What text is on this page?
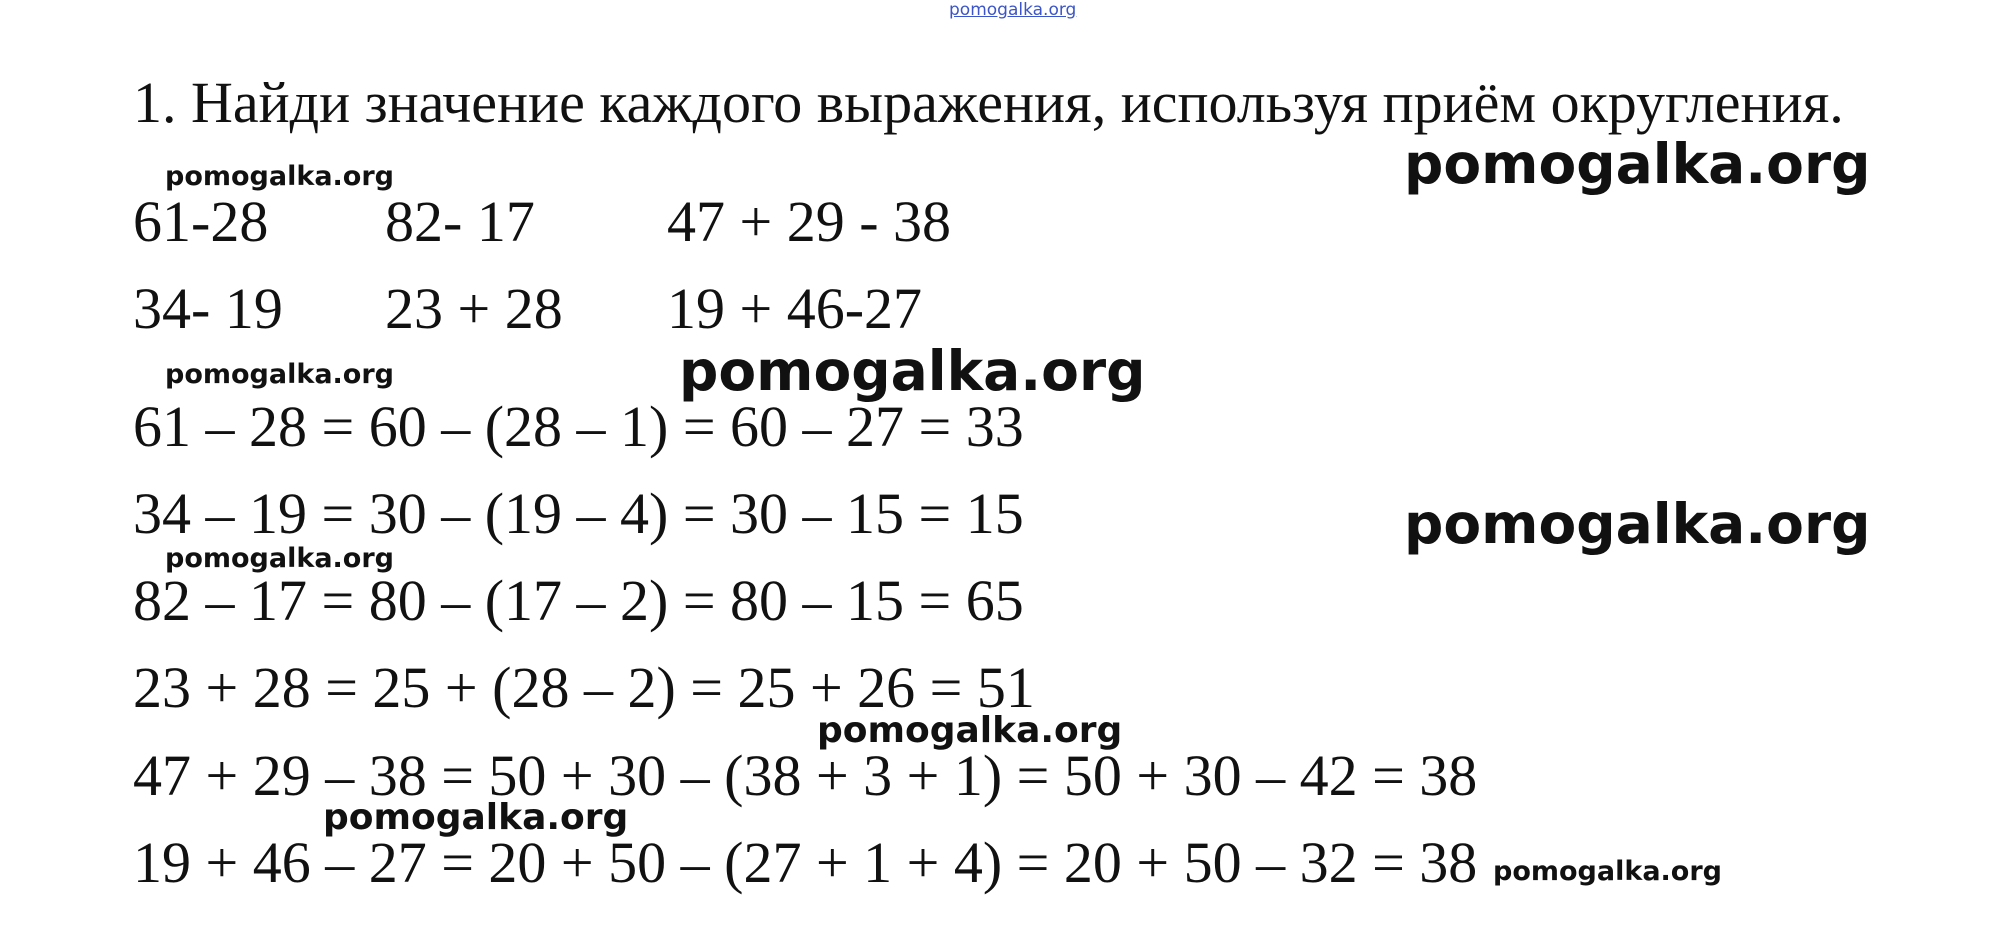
pomogalka.org
1. Найди значение каждого выражения, используя приём округления.
61-28 82- 17 47 + 29 - 38
34- 19 23 + 28 19 + 46-27
61 – 28 = 60 – (28 – 1) = 60 – 27 = 33
34 – 19 = 30 – (19 – 4) = 30 – 15 = 15
82 – 17 = 80 – (17 – 2) = 80 – 15 = 65
23 + 28 = 25 + (28 – 2) = 25 + 26 = 51
47 + 29 – 38 = 50 + 30 – (38 + 3 + 1) = 50 + 30 – 42 = 38
19 + 46 – 27 = 20 + 50 – (27 + 1 + 4) = 20 + 50 – 32 = 38
pomogalka.org	pomogalka.org
pomogalka.org	pomogalka.org
pomogalka.org
pomogalka.org
pomogalka.org
pomogalka.org
pomogalka.org
